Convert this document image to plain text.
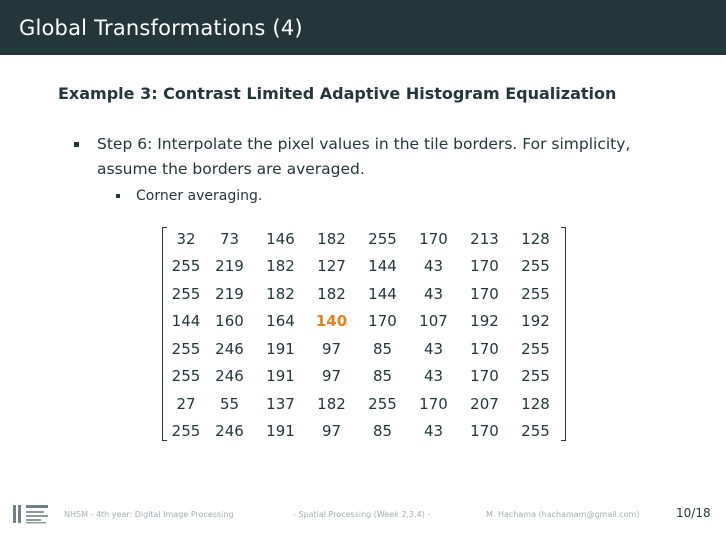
Global Transformations (4)
Example 3: Contrast Limited Adaptive Histogram Equalization
Step 6: Interpolate the pixel values in the tile borders. For simplicity, assume the borders are averaged.
Corner averaging.
32	73	146	182	255	170	213	128
255	219	182	127	144	43	170	255
255	219	182	182	144	43	170	255
144	160	164	140	170	107	192	192
255	246	191	97	85	43	170	255
255	246	191	97	85	43	170	255
27	55	137	182	255	170	207	128
255	246	191	97	85	43	170	255
NHSM - 4th year: Digital Image Processing	- Spatial Processing (Week 2,3,4) -	M. Hachama (hachamam@gmail.com)	10/18
